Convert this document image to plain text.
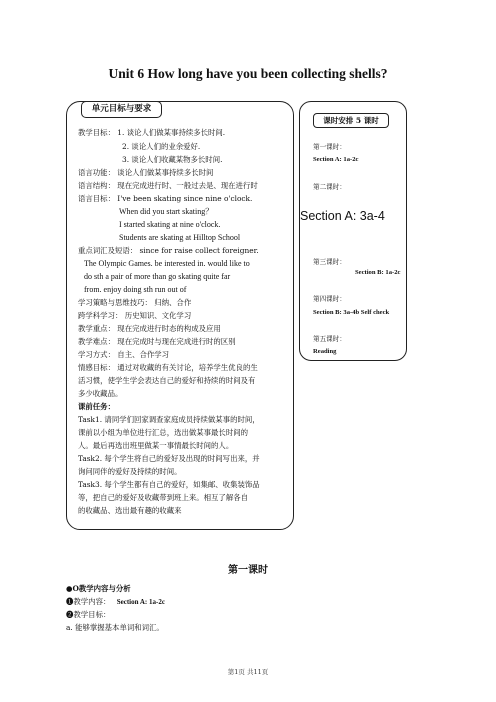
Unit 6 How long have you been collecting shells?
单元目标与要求
教学目标： 1. 谈论人们做某事持续多长时间.
2. 谈论人们的业余爱好.
3. 谈论人们收藏某物多长时间.
语言功能： 谈论人们做某事持续多长时间
语言结构： 现在完成进行时、一般过去是、现在进行时
语言目标： I've been skating since nine o'clock.
When did you start skating？
I started skating at nine o'clock.
Students are skating at Hilltop School
重点词汇及短语： since for raise collect foreigner.
The Olympic Games. be interested in. would like to
do sth a pair of more than go skating quite far
from. enjoy doing sth run out of
学习策略与思维技巧： 归纳、合作
跨学科学习： 历史知识、文化学习
教学重点： 现在完成进行时态的构成及应用
教学难点： 现在完成时与现在完成进行时的区别
学习方式： 自主、合作学习
情感目标： 通过对收藏的有关讨论，培养学生优良的生
活习惯，使学生学会表达自己的爱好和持续的时间及有
多少收藏品。
课前任务：
Task1. 请同学们回家调查家庭成员持续做某事的时间，
课前以小组为单位进行汇总，选出做某事最长时间的
人。最后再选出班里做某一事情最长时间的人。
Task2. 每个学生将自己的爱好及出现的时间写出来，并
询问同伴的爱好及持续的时间。
Task3. 每个学生都有自己的爱好，如集邮、收集装饰品
等，把自己的爱好及收藏带到班上来。相互了解各自
的收藏品、选出最有趣的收藏来
课时安排 5 课时
第一课时：
Section A: 1a-2c
第二课时：
Section A: 3a-4
第三课时：
Section B: 1a-2c
第四课时：
Section B: 3a-4b Self check
第五课时：
Reading
第一课时
●O教学内容与分析
❶教学内容： Section A: 1a-2c
❷教学目标：
a. 能够掌握基本单词和词汇。
第1页 共11页
